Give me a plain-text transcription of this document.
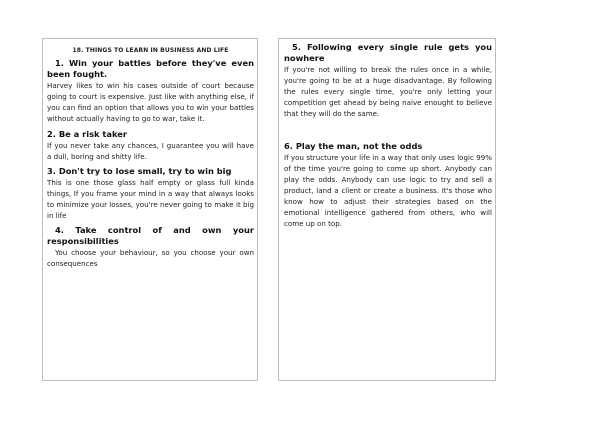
18. THINGS TO LEARN IN BUSINESS AND LIFE

1. Win your battles before they've even been fought.

Harvey likes to win his cases outside of court because going to court is expensive. Just like with anything else, if you can find an option that allows you to win your battles without actually having to go to war, take it.

2. Be a risk taker

If you never take any chances, I guarantee you will have a dull, boring and shitty life.

3. Don't try to lose small, try to win big

This is one those glass half empty or glass full kinda things, If you frame your mind in a way that always looks to minimize your losses, you're never going to make it big in life

4. Take control of and own your responsibilities

You choose your behaviour, so you choose your own consequences

5. Following every single rule gets you nowhere

If you're not willing to break the rules once in a while, you're going to be at a huge disadvantage. By following the rules every single time, you're only letting your competition get ahead by being naive enought to believe that they will do the same.

6. Play the man, not the odds

If you structure your life in a way that only uses logic 99% of the time you're going to come up short. Anybody can play the odds. Anybody can use logic to try and sell a product, land a client or create a business. It's those who know how to adjust their strategies based on the emotional intelligence gathered from others, who will come up on top.
